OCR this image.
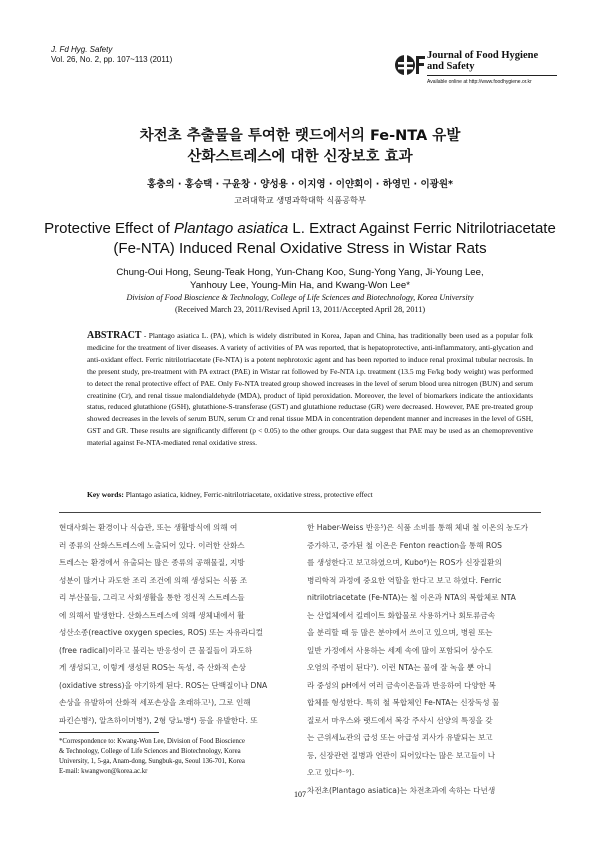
J. Fd Hyg. Safety
Vol. 26, No. 2, pp. 107~113 (2011)	Journal of Food Hygiene
and Safety
Available online at http://www.foodhygiene.or.kr
차전초 추출물을 투여한 랫드에서의 Fe-NTA 유발
산화스트레스에 대한 신장보호 효과
홍충의 · 홍승택 · 구윤창 · 양성용 · 이지영 · 이얀회이 · 하영민 · 이광원*
고려대학교 생명과학대학 식품공학부
Protective Effect of Plantago asiatica L. Extract Against Ferric Nitrilotriacetate
(Fe-NTA) Induced Renal Oxidative Stress in Wistar Rats
Chung-Oui Hong, Seung-Teak Hong, Yun-Chang Koo, Sung-Yong Yang, Ji-Young Lee,
Yanhouy Lee, Young-Min Ha, and Kwang-Won Lee*
Division of Food Bioscience & Technology, College of Life Sciences and Biotechnology, Korea University
(Received March 23, 2011/Revised April 13, 2011/Accepted April 28, 2011)
ABSTRACT - Plantago asiatica L. (PA), which is widely distributed in Korea, Japan and China, has traditionally been used as a popular folk medicine for the treatment of liver diseases. A variety of activities of PA was reported, that is hepatoprotective, anti-inflammatory, anti-glycation and anti-oxidant effect. Ferric nitrilotriacetate (Fe-NTA) is a potent nephrotoxic agent and has been reported to induce renal proximal tubular necrosis. In the present study, pre-treatment with PA extract (PAE) in Wistar rat followed by Fe-NTA i.p. treatment (13.5 mg Fe/kg body weight) was performed to detect the renal protective effect of PAE. Only Fe-NTA treated group showed increases in the level of serum blood urea nitrogen (BUN) and serum creatinine (Cr), and renal tissue malondialdehyde (MDA), product of lipid peroxidation. Moreover, the level of biomarkers indicate the antioxidants status, reduced glutathione (GSH), glutathione-S-transferase (GST) and glutathione reductase (GR) were decreased. However, PAE pre-treated group showed decreases in the levels of serum BUN, serum Cr and renal tissue MDA in concentration dependent manner and increases in the level of GSH, GST and GR. These results are significantly different (p < 0.05) to the other groups. Our data suggest that PAE may be used as an chemopreventive material against Fe-NTA-mediated renal oxidative stress.
Key words: Plantago asiatica, kidney, Ferric-nitrilotriacetate, oxidative stress, protective effect
현대사회는 환경이나 식습관, 또는 생활방식에 의해 여
러 종류의 산화스트레스에 노출되어 있다. 이러한 산화스
트레스는 환경에서 유출되는 많은 종류의 공해물질, 지방
성분이 많거나 과도한 조리 조건에 의해 생성되는 식품 조
리 부산물들, 그리고 사회생활을 통한 정신적 스트레스들
에 의해서 발생한다. 산화스트레스에 의해 생체내에서 활
성산소종(reactive oxygen species, ROS) 또는 자유라디컬
(free radical)이라고 불리는 반응성이 큰 물질들이 과도하
게 생성되고, 이렇게 생성된 ROS는 독성, 즉 산화적 손상
(oxidative stress)을 야기하게 된다. ROS는 단백질이나 DNA
손상을 유발하여 산화적 세포손상을 초래하고¹), 그로 인해
파킨슨병²), 알츠하이머병³), 2형 당뇨병⁴) 등을 유발한다. 또
한 Haber-Weiss 반응⁵)은 식품 소비를 통해 체내 철 이온의 농도가
증가하고, 증가된 철 이온은 Fenton reaction을 통해 ROS
를 생성한다고 보고하였으며, Kubo⁶)는 ROS가 신장질환의
병리학적 과정에 중요한 역할을 한다고 보고 하였다. Ferric
nitrilotriacetate (Fe-NTA)는 철 이온과 NTA의 복합체로 NTA
는 산업체에서 킬레이트 화합물로 사용하거나 회토류금속
을 분리할 때 등 많은 분야에서 쓰이고 있으며, 병원 또는
일반 가정에서 사용하는 세제 속에 많이 포함되어 상수도
오염의 주범이 된다⁷). 이런 NTA는 물에 잘 녹을 뿐 아니
라 중성의 pH에서 여러 금속이온들과 반응하여 다양한 복
합체를 형성한다. 특히 철 복합체인 Fe-NTA는 신장독성 물
질로서 마우스와 랫드에서 복강 주사시 선양의 특징을 갖
는 근위세뇨관의 급성 또는 아급성 괴사가 유발되는 보고
등, 신장관련 질병과 연관이 되어있다는 많은 보고들이 나
오고 있다⁸⁻⁹).
차전초(Plantago asiatica)는 차전초과에 속하는 다년생
*Correspondence to: Kwang-Won Lee, Division of Food Bioscience
& Technology, College of Life Sciences and Biotechnology, Korea
University, 1, 5-ga, Anam-dong, Sungbuk-gu, Seoul 136-701, Korea
E-mail: kwangwon@korea.ac.kr
107
